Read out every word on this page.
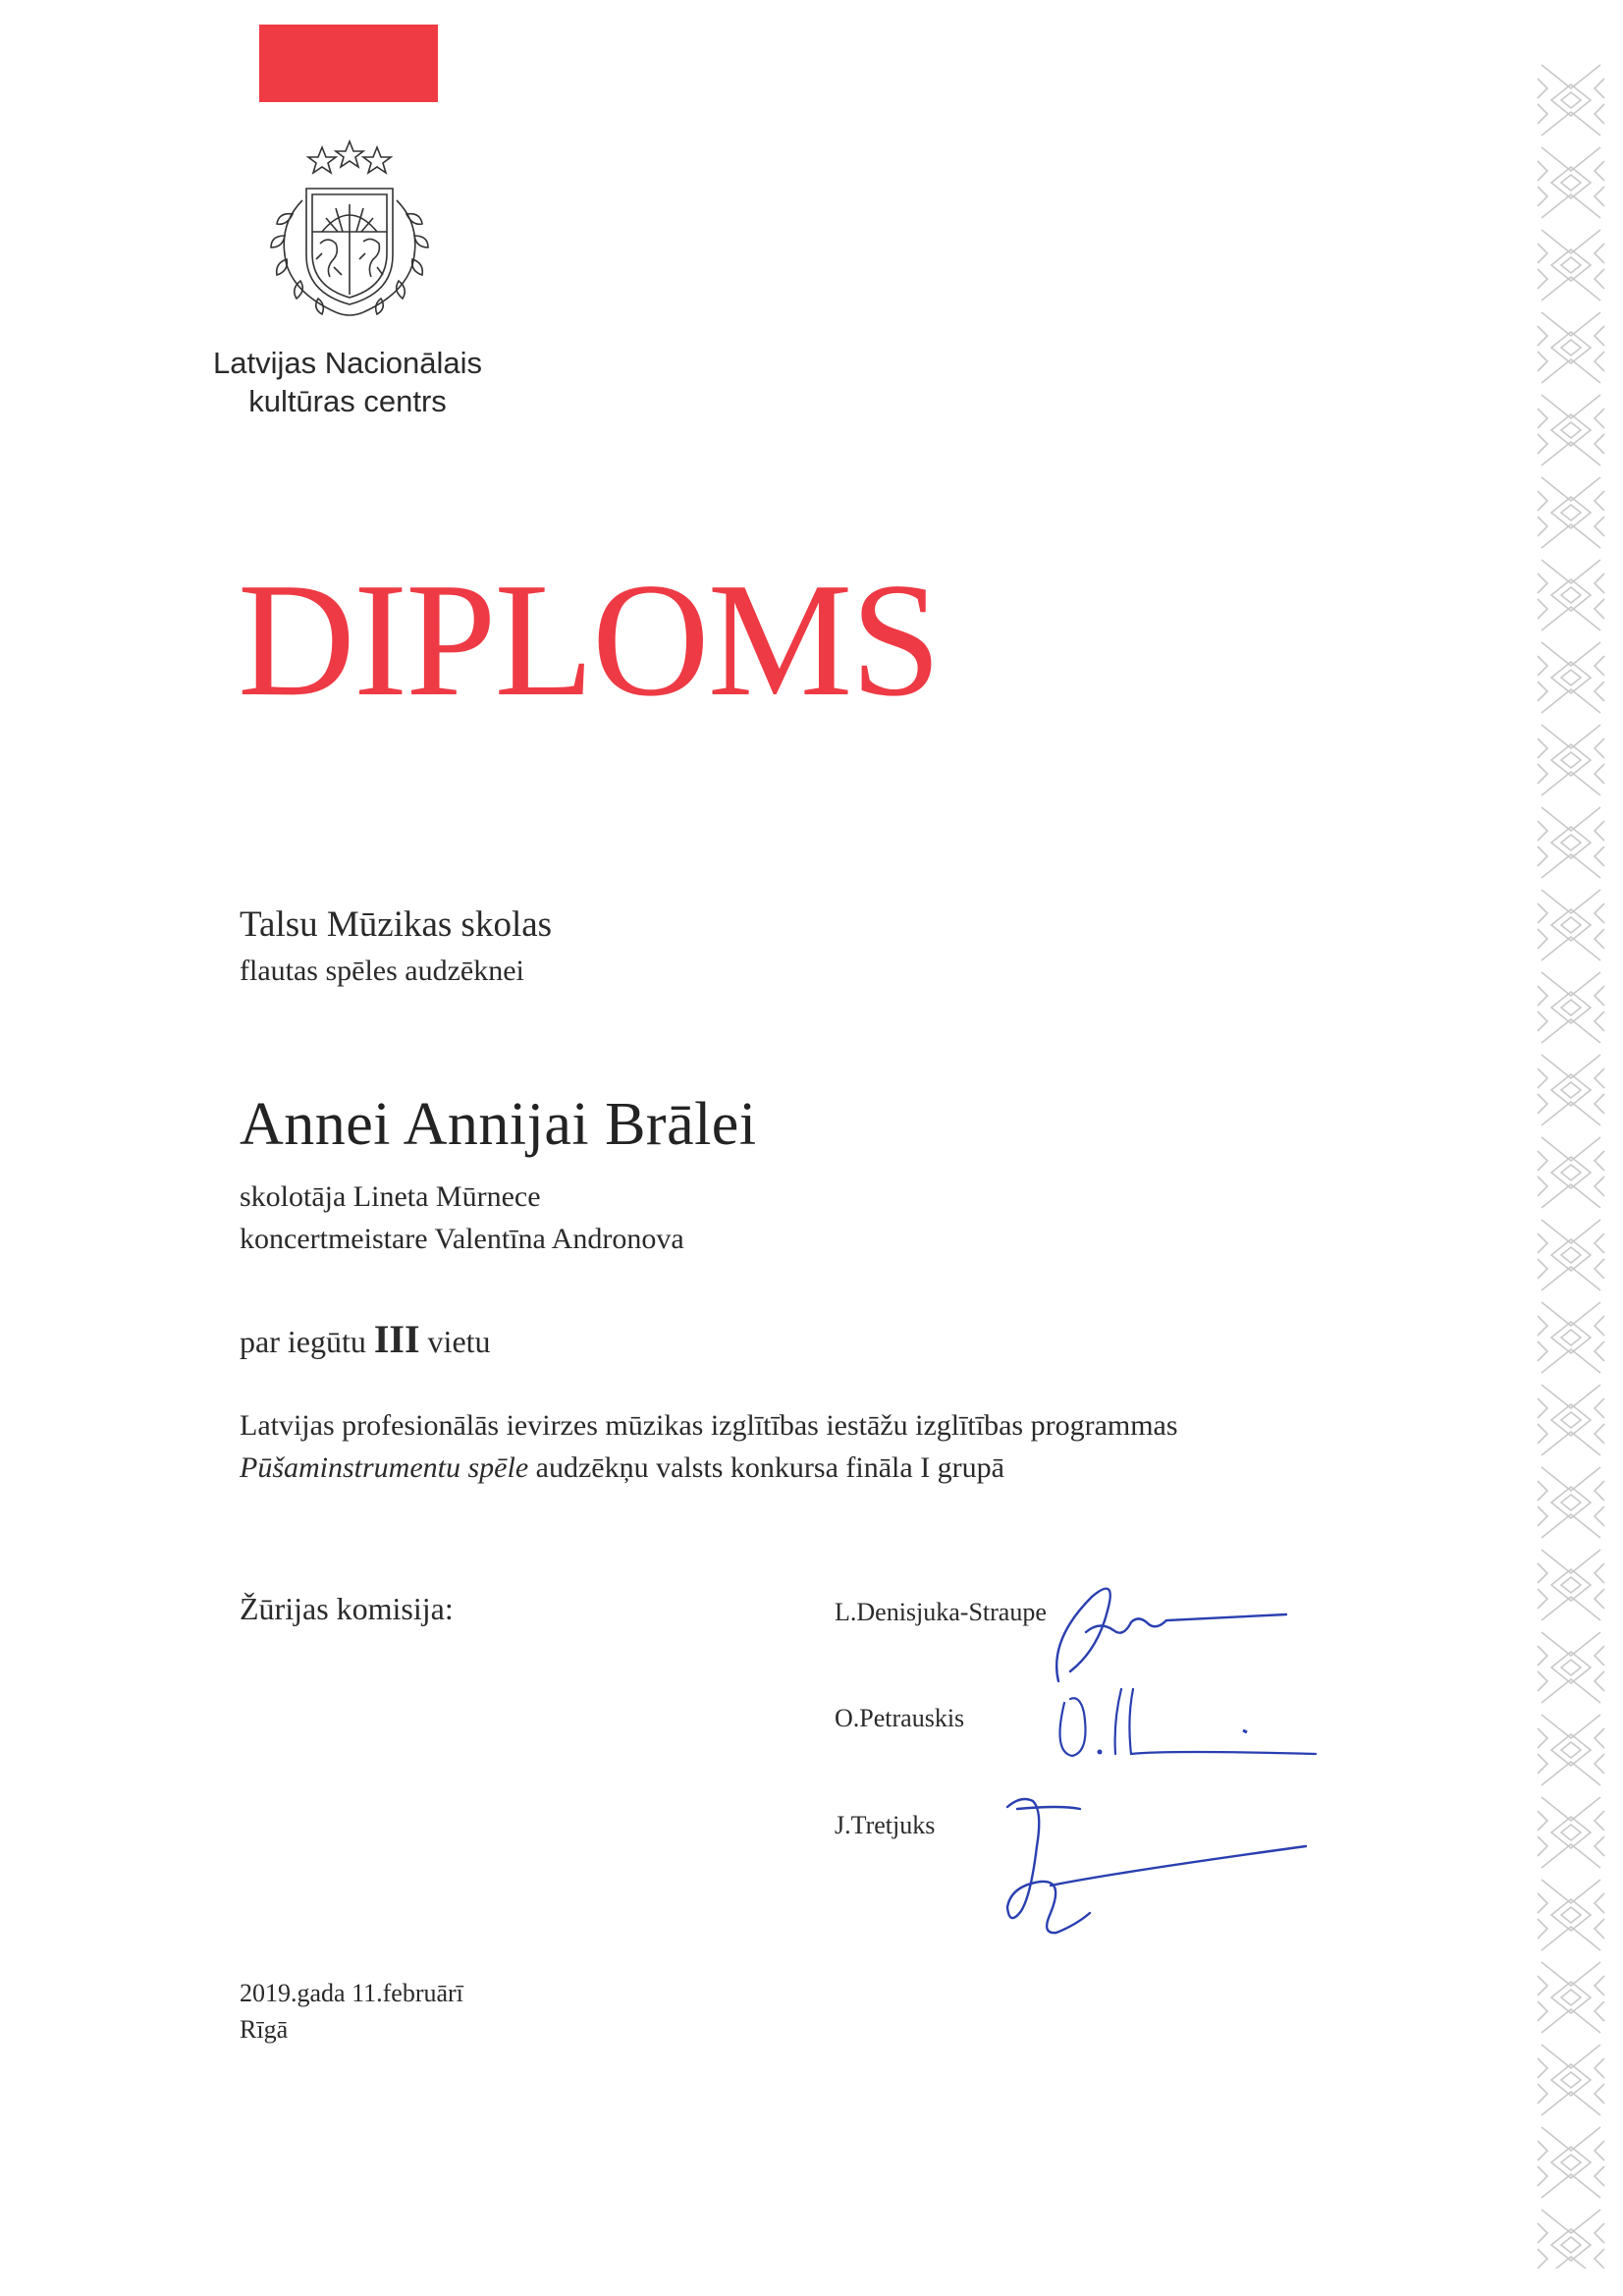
Latvijas Nacionālais
kultūras centrs
DIPLOMS
Talsu Mūzikas skolas
flautas spēles audzēknei
Annei Annijai Brālei
skolotāja Lineta Mūrnece
koncertmeistare Valentīna Andronova
par iegūtu III vietu
Latvijas profesionālās ievirzes mūzikas izglītības iestāžu izglītības programmas
Pūšaminstrumentu spēle audzēkņu valsts konkursa fināla I grupā
Žūrijas komisija:	L.Denisjuka-Straupe
O.Petrauskis
J.Tretjuks
2019.gada 11.februārī
Rīgā
